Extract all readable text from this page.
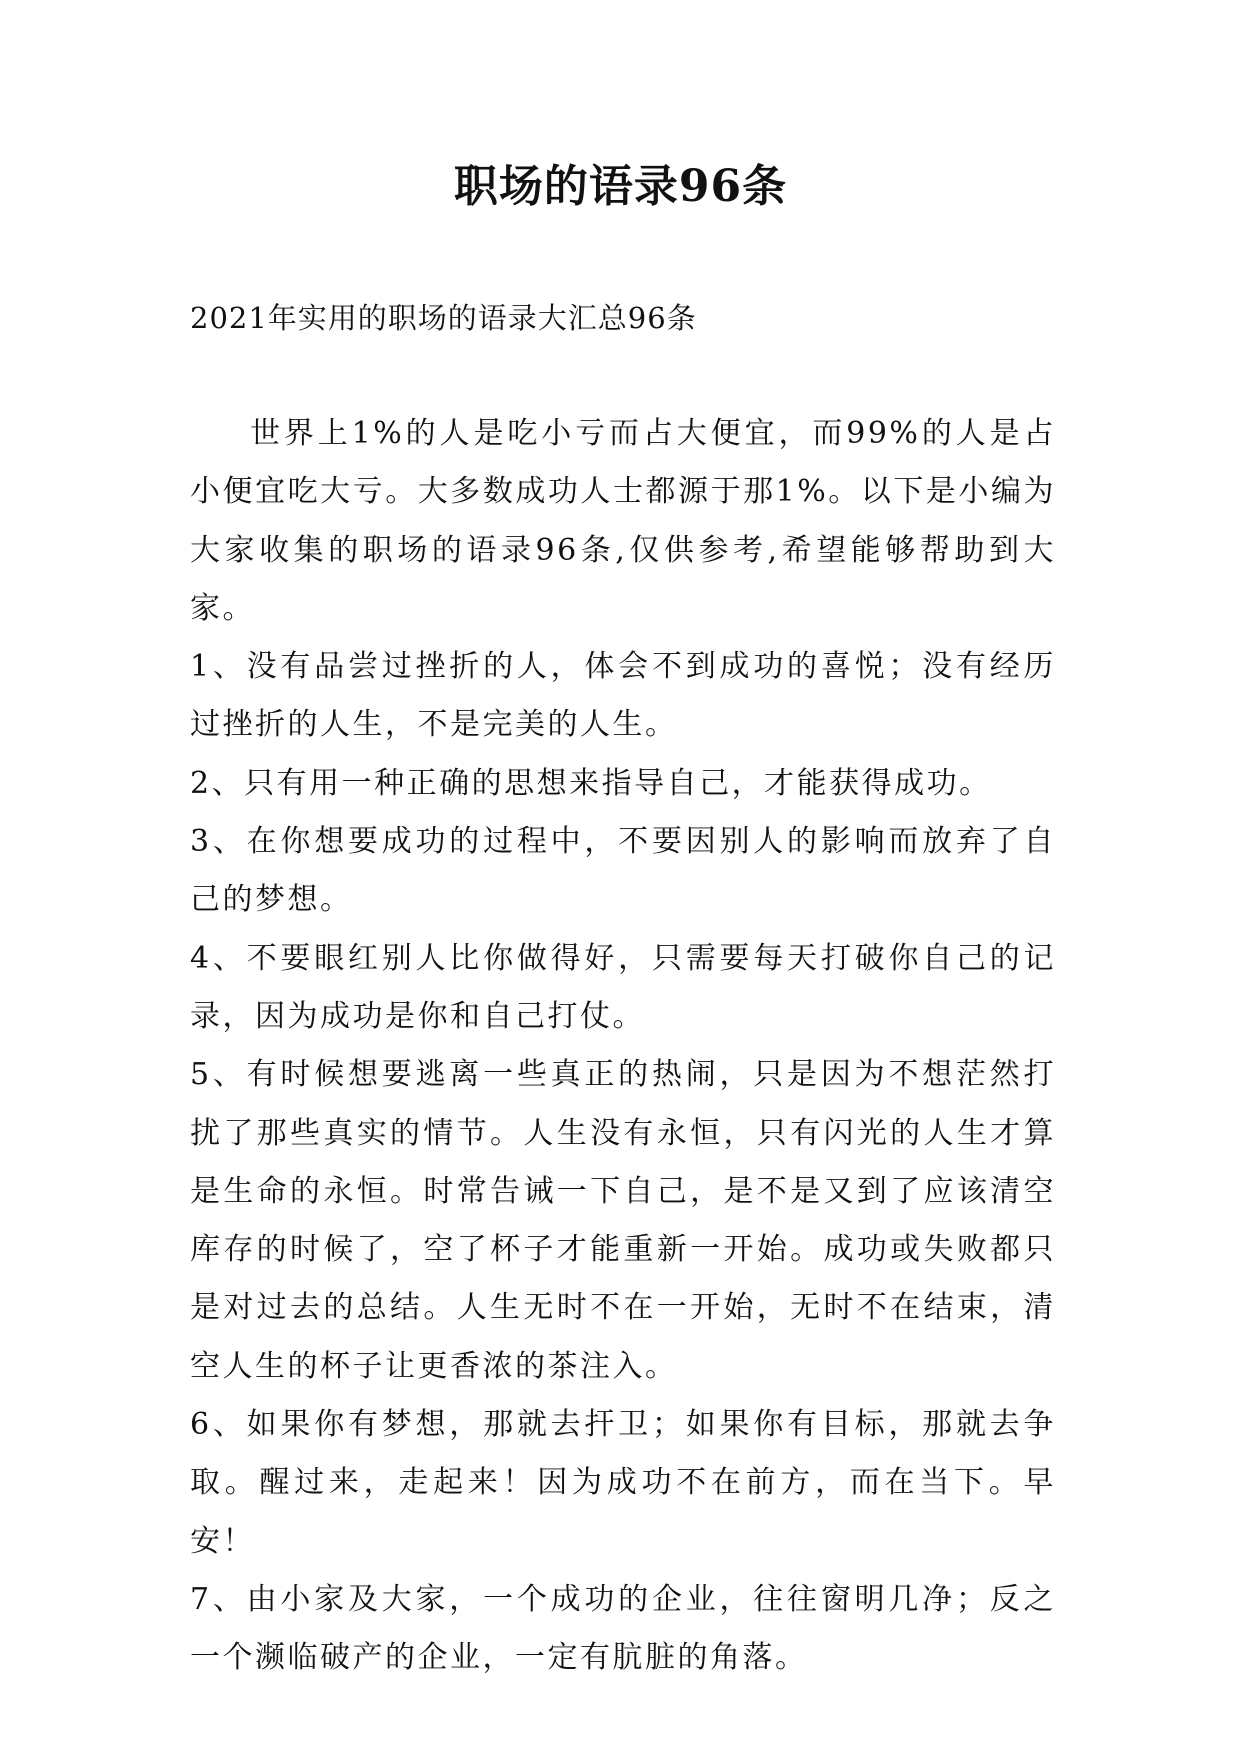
职场的语录96条

2021年实用的职场的语录大汇总96条

世界上1%的人是吃小亏而占大便宜，而99%的人是占小便宜吃大亏。大多数成功人士都源于那1%。以下是小编为大家收集的职场的语录96条,仅供参考,希望能够帮助到大家。

1、没有品尝过挫折的人，体会不到成功的喜悦；没有经历过挫折的人生，不是完美的人生。

2、只有用一种正确的思想来指导自己，才能获得成功。

3、在你想要成功的过程中，不要因别人的影响而放弃了自己的梦想。

4、不要眼红别人比你做得好，只需要每天打破你自己的记录，因为成功是你和自己打仗。

5、有时候想要逃离一些真正的热闹，只是因为不想茫然打扰了那些真实的情节。人生没有永恒，只有闪光的人生才算是生命的永恒。时常告诫一下自己，是不是又到了应该清空库存的时候了，空了杯子才能重新一开始。成功或失败都只是对过去的总结。人生无时不在一开始，无时不在结束，清空人生的杯子让更香浓的茶注入。

6、如果你有梦想，那就去扞卫；如果你有目标，那就去争取。醒过来，走起来！因为成功不在前方，而在当下。早安！

7、由小家及大家，一个成功的企业，往往窗明几净；反之一个濒临破产的企业，一定有肮脏的角落。
